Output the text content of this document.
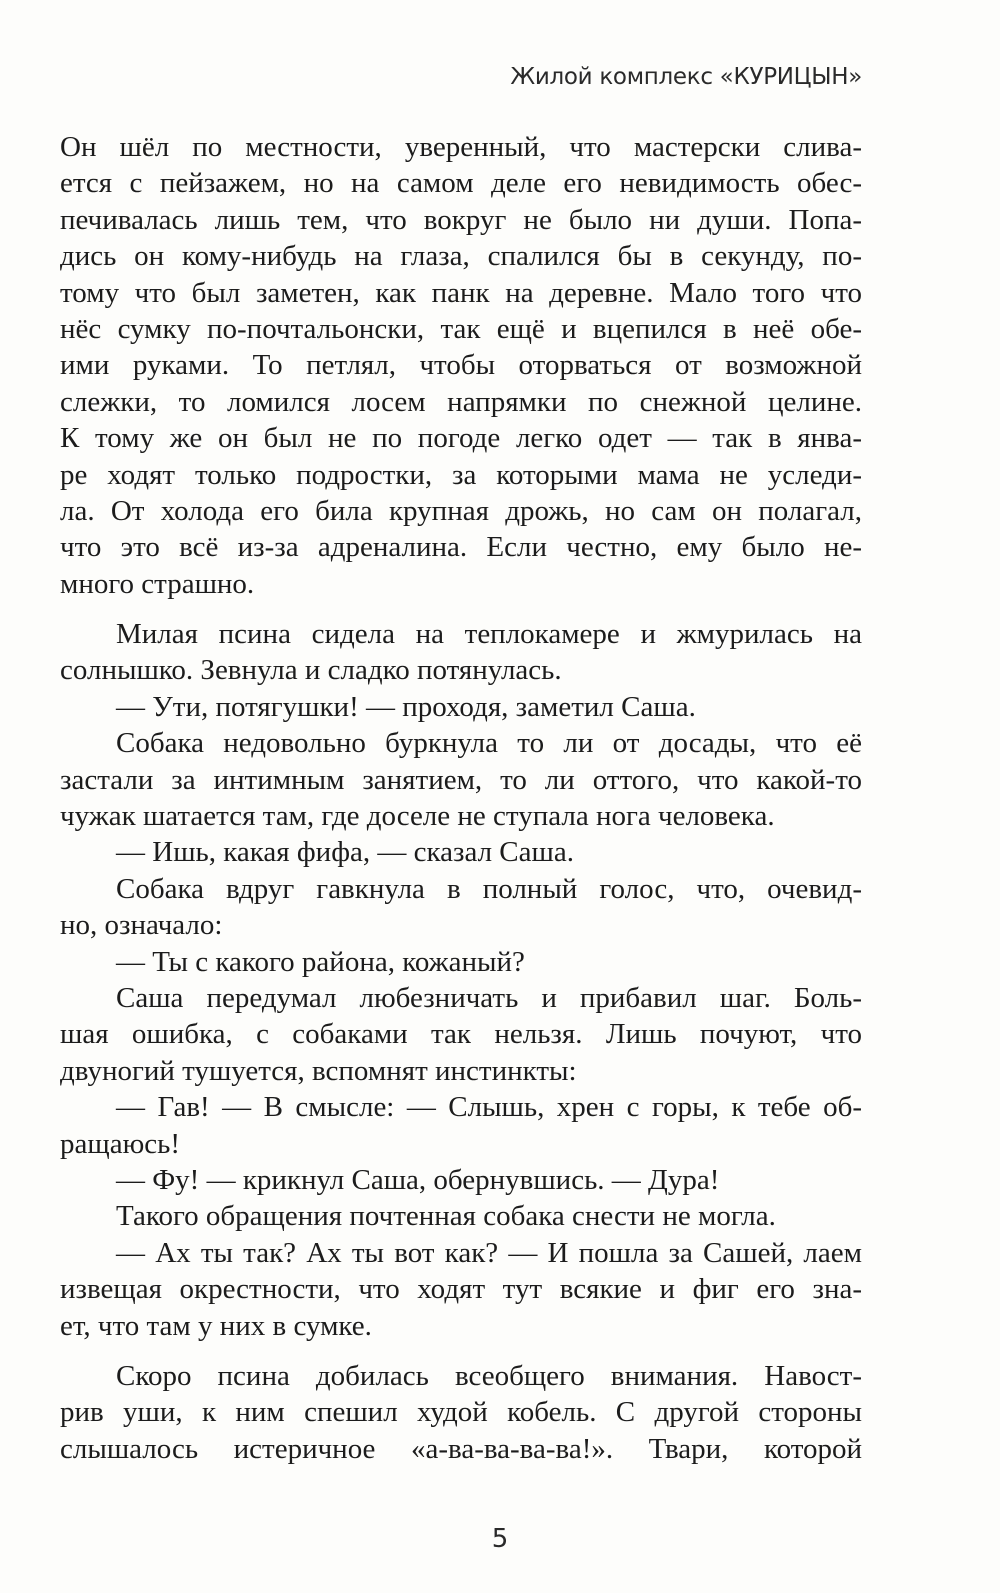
Жилой комплекс «КУРИЦЫН»
Он шёл по местности, уверенный, что мастерски слива-
ется с пейзажем, но на самом деле его невидимость обес-
печивалась лишь тем, что вокруг не было ни души. Попа-
дись он кому-нибудь на глаза, спалился бы в секунду, по-
тому что был заметен, как панк на деревне. Мало того что
нёс сумку по-почтальонски, так ещё и вцепился в неё обе-
ими руками. То петлял, чтобы оторваться от возможной
слежки, то ломился лосем напрямки по снежной целине.
К тому же он был не по погоде легко одет — так в янва-
ре ходят только подростки, за которыми мама не уследи-
ла. От холода его била крупная дрожь, но сам он полагал,
что это всё из-за адреналина. Если честно, ему было не-
много страшно.
Милая псина сидела на теплокамере и жмурилась на
солнышко. Зевнула и сладко потянулась.
— Ути, потягушки! — проходя, заметил Саша.
Собака недовольно буркнула то ли от досады, что её
застали за интимным занятием, то ли оттого, что какой-то
чужак шатается там, где доселе не ступала нога человека.
— Ишь, какая фифа, — сказал Саша.
Собака вдруг гавкнула в полный голос, что, очевид-
но, означало:
— Ты с какого района, кожаный?
Саша передумал любезничать и прибавил шаг. Боль-
шая ошибка, с собаками так нельзя. Лишь почуют, что
двуногий тушуется, вспомнят инстинкты:
— Гав! — В смысле: — Слышь, хрен с горы, к тебе об-
ращаюсь!
— Фу! — крикнул Саша, обернувшись. — Дура!
Такого обращения почтенная собака снести не могла.
— Ах ты так? Ах ты вот как? — И пошла за Сашей, лаем
извещая окрестности, что ходят тут всякие и фиг его зна-
ет, что там у них в сумке.
Скоро псина добилась всеобщего внимания. Навост-
рив уши, к ним спешил худой кобель. С другой стороны
слышалось истеричное «а-ва-ва-ва-ва!». Твари, которой
5
